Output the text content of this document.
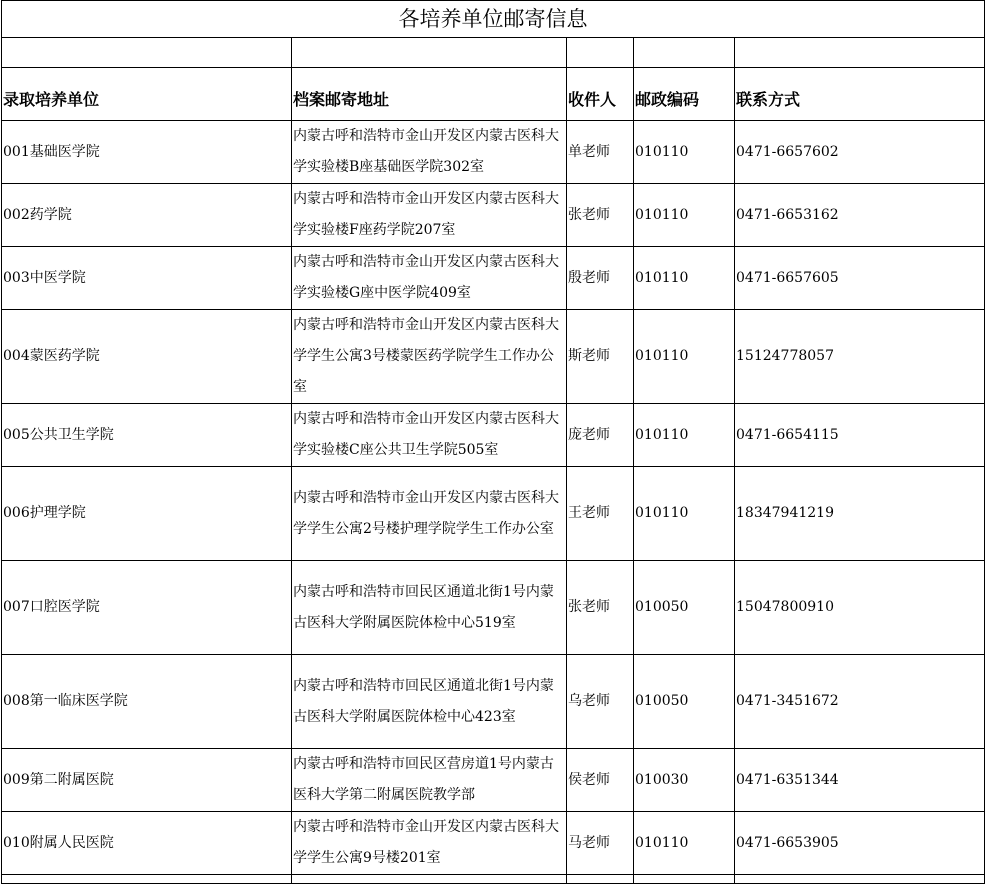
各培养单位邮寄信息				

录取培养单位	档案邮寄地址	收件人	邮政编码	联系方式
001基础医学院	内蒙古呼和浩特市金山开发区内蒙古医科大学实验楼B座基础医学院302室	单老师	010110	0471-6657602
002药学院	内蒙古呼和浩特市金山开发区内蒙古医科大学实验楼F座药学院207室	张老师	010110	0471-6653162
003中医学院	内蒙古呼和浩特市金山开发区内蒙古医科大学实验楼G座中医学院409室	殷老师	010110	0471-6657605
004蒙医药学院	内蒙古呼和浩特市金山开发区内蒙古医科大学学生公寓3号楼蒙医药学院学生工作办公室	斯老师	010110	15124778057
005公共卫生学院	内蒙古呼和浩特市金山开发区内蒙古医科大学实验楼C座公共卫生学院505室	庞老师	010110	0471-6654115
006护理学院	内蒙古呼和浩特市金山开发区内蒙古医科大学学生公寓2号楼护理学院学生工作办公室	王老师	010110	18347941219
007口腔医学院	内蒙古呼和浩特市回民区通道北街1号内蒙古医科大学附属医院体检中心519室	张老师	010050	15047800910
008第一临床医学院	内蒙古呼和浩特市回民区通道北街1号内蒙古医科大学附属医院体检中心423室	乌老师	010050	0471-3451672
009第二附属医院	内蒙古呼和浩特市回民区营房道1号内蒙古医科大学第二附属医院教学部	侯老师	010030	0471-6351344
010附属人民医院	内蒙古呼和浩特市金山开发区内蒙古医科大学学生公寓9号楼201室	马老师	010110	0471-6653905
